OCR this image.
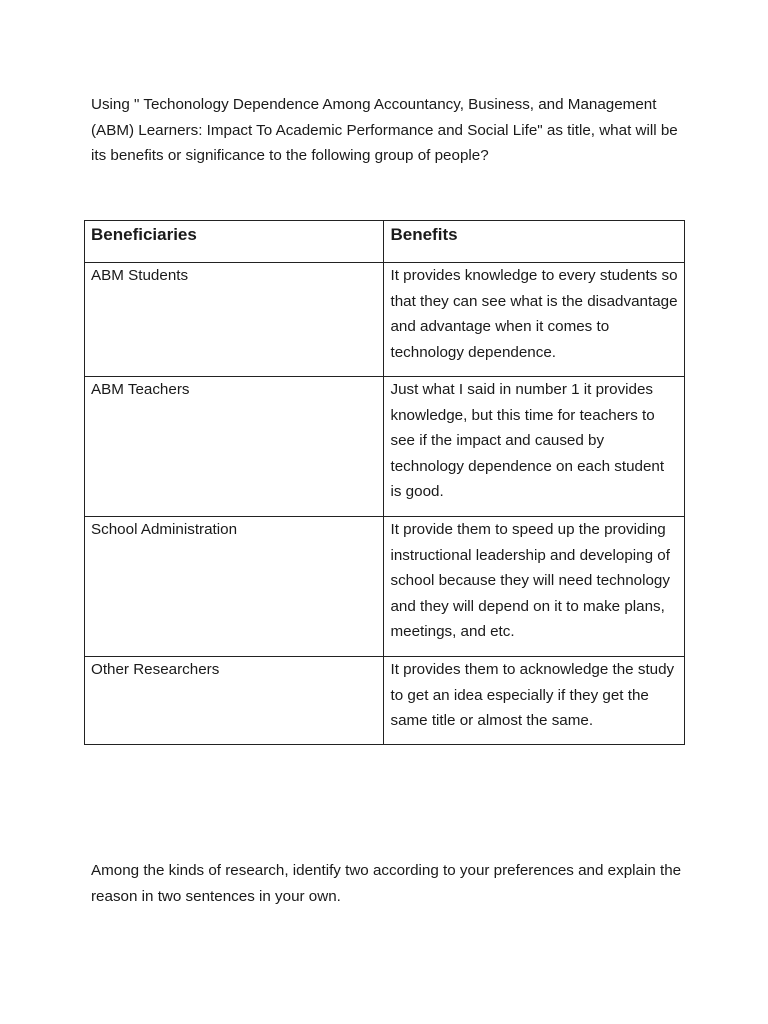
Using " Techonology Dependence Among Accountancy, Business, and Management (ABM) Learners: Impact To Academic Performance and Social Life" as title, what will be its benefits or significance to the following group of people?

Beneficiaries	Benefits
ABM Students	It provides knowledge to every students so that they can see what is the disadvantage and advantage when it comes to technology dependence.
ABM Teachers	Just what I said in number 1 it provides knowledge, but this time for teachers to see if the impact and caused by technology dependence on each student is good.
School Administration	It provide them to speed up the providing instructional leadership and developing of school because they will need technology and they will depend on it to make plans, meetings, and etc.
Other Researchers	It provides them to acknowledge the study to get an idea especially if they get the same title or almost the same.

Among the kinds of research, identify two according to your preferences and explain the reason in two sentences in your own.
